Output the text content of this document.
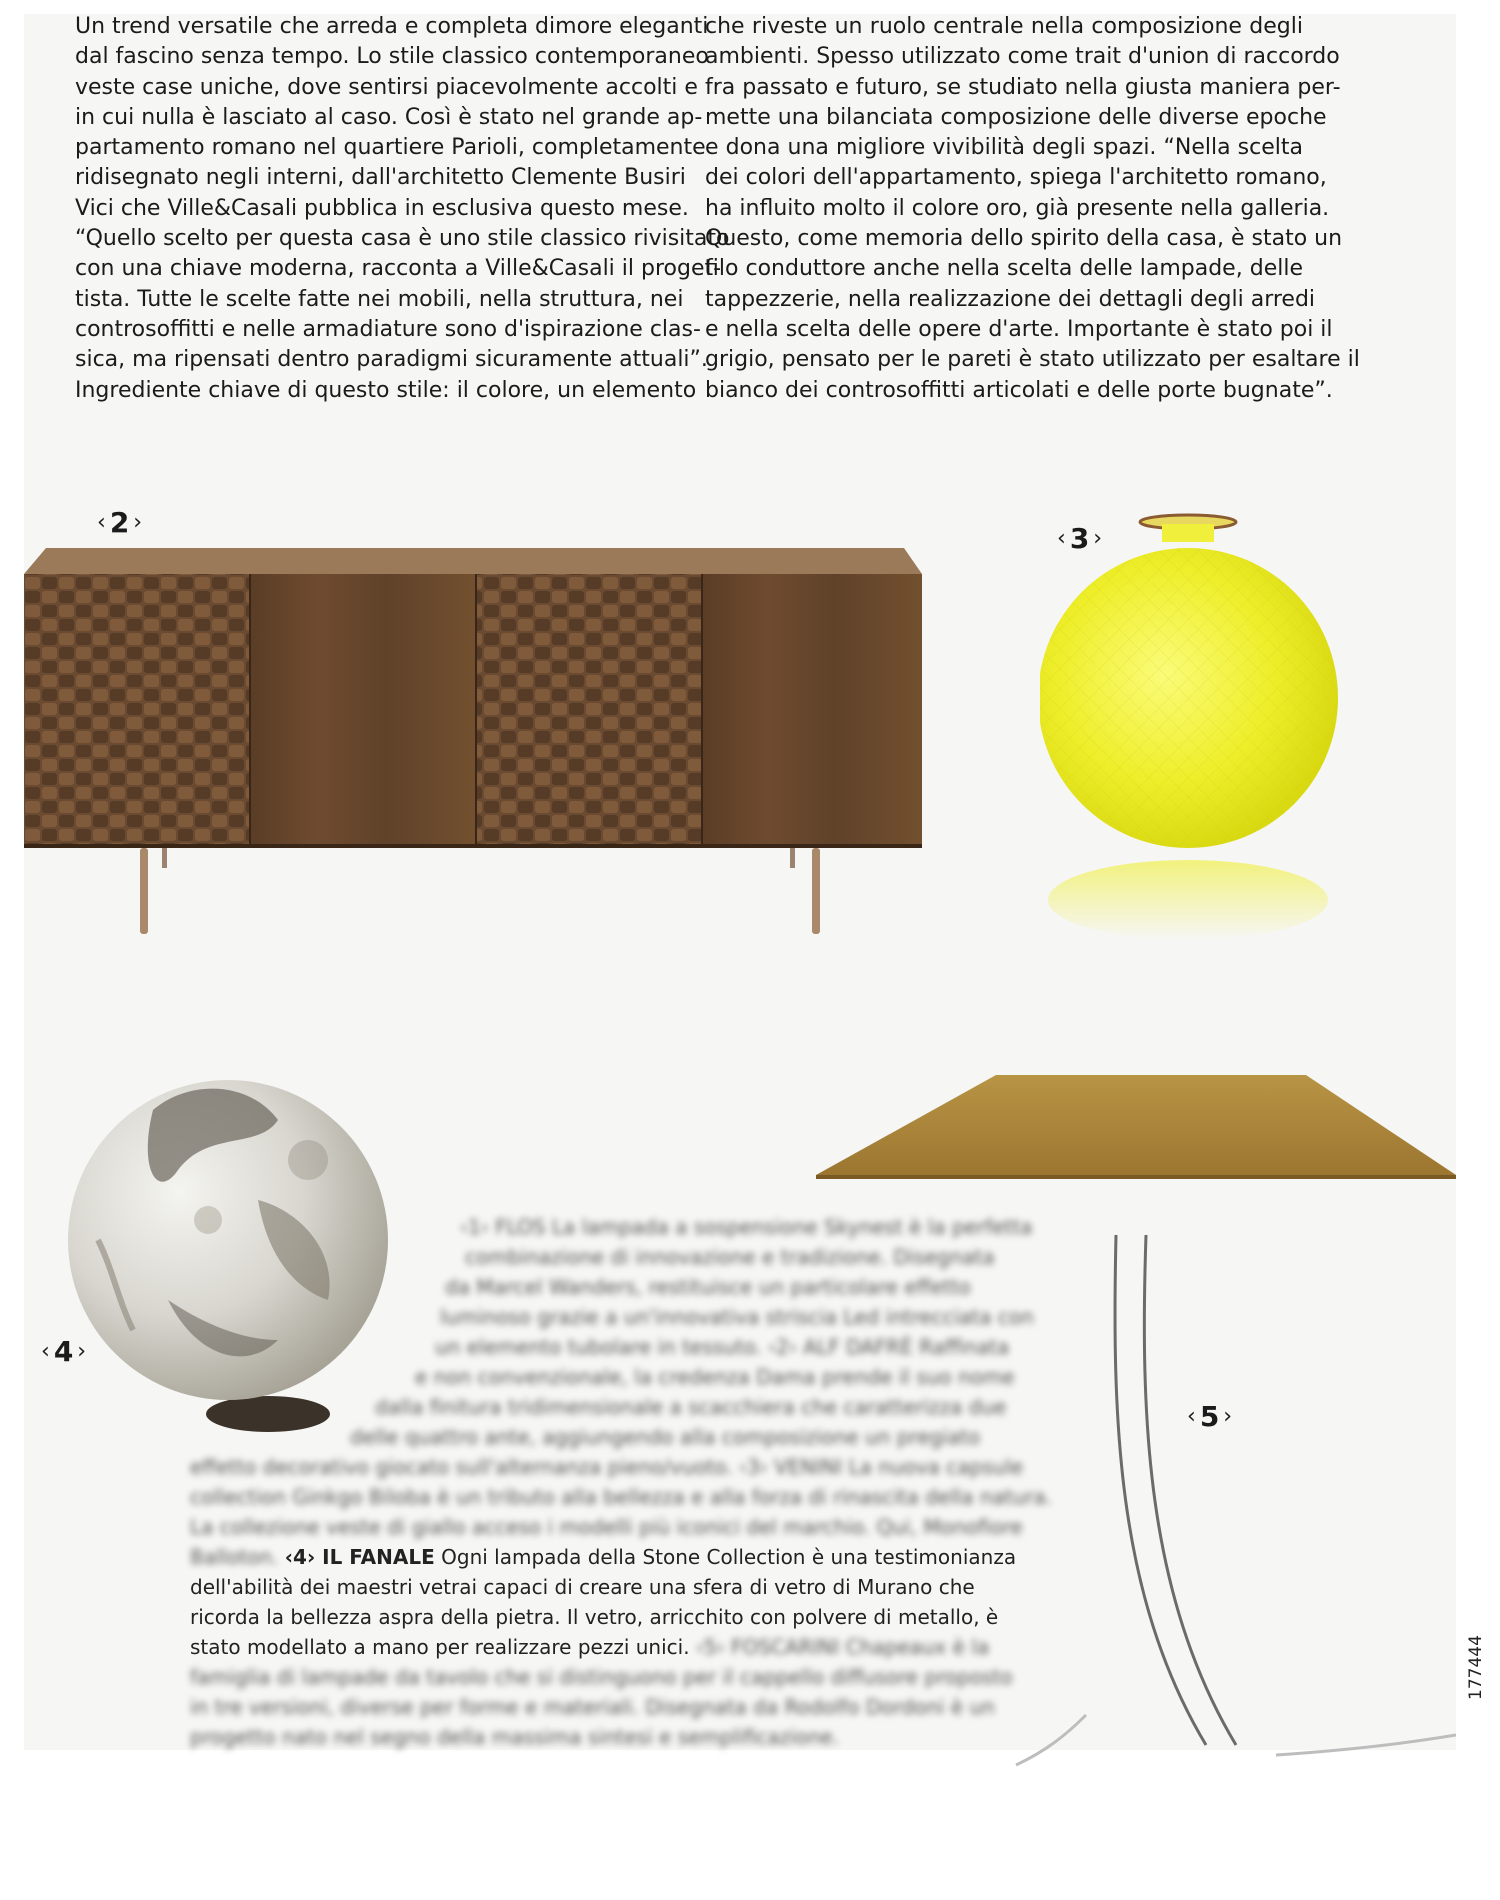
Un trend versatile che arreda e completa dimore eleganti
dal fascino senza tempo. Lo stile classico contemporaneo
veste case uniche, dove sentirsi piacevolmente accolti e
in cui nulla è lasciato al caso. Così è stato nel grande ap-
partamento romano nel quartiere Parioli, completamente
ridisegnato negli interni, dall'architetto Clemente Busiri
Vici che Ville&Casali pubblica in esclusiva questo mese.
“Quello scelto per questa casa è uno stile classico rivisitato
con una chiave moderna, racconta a Ville&Casali il proget-
tista. Tutte le scelte fatte nei mobili, nella struttura, nei
controsoffitti e nelle armadiature sono d'ispirazione clas-
sica, ma ripensati dentro paradigmi sicuramente attuali”.
Ingrediente chiave di questo stile: il colore, un elemento

che riveste un ruolo centrale nella composizione degli
ambienti. Spesso utilizzato come trait d'union di raccordo
fra passato e futuro, se studiato nella giusta maniera per-
mette una bilanciata composizione delle diverse epoche
e dona una migliore vivibilità degli spazi. “Nella scelta
dei colori dell'appartamento, spiega l'architetto romano,
ha influito molto il colore oro, già presente nella galleria.
Questo, come memoria dello spirito della casa, è stato un
filo conduttore anche nella scelta delle lampade, delle
tappezzerie, nella realizzazione dei dettagli degli arredi
e nella scelta delle opere d'arte. Importante è stato poi il
grigio, pensato per le pareti è stato utilizzato per esaltare il
bianco dei controsoffitti articolati e delle porte bugnate”.

‹ 2 ›
‹ 3 ›
‹ 4 ›
‹ 5 ›
‹1› FLOS La lampada a sospensione Skynest è la perfetta
combinazione di innovazione e tradizione. Disegnata
da Marcel Wanders, restituisce un particolare effetto
luminoso grazie a un'innovativa striscia Led intrecciata con
un elemento tubolare in tessuto. ‹2› ALF DAFRÈ Raffinata
e non convenzionale, la credenza Dama prende il suo nome
dalla finitura tridimensionale a scacchiera che caratterizza due
delle quattro ante, aggiungendo alla composizione un pregiato
effetto decorativo giocato sull'alternanza pieno/vuoto. ‹3› VENINI La nuova capsule
collection Ginkgo Biloba è un tributo alla bellezza e alla forza di rinascita della natura.
La collezione veste di giallo acceso i modelli più iconici del marchio. Qui, Monofiore
Balloton. ‹4› IL FANALE Ogni lampada della Stone Collection è una testimonianza
dell'abilità dei maestri vetrai capaci di creare una sfera di vetro di Murano che
ricorda la bellezza aspra della pietra. Il vetro, arricchito con polvere di metallo, è
stato modellato a mano per realizzare pezzi unici. ‹5› FOSCARINI Chapeaux è la
famiglia di lampade da tavolo che si distinguono per il cappello diffusore proposto
in tre versioni, diverse per forme e materiali. Disegnata da Rodolfo Dordoni è un
progetto nato nel segno della massima sintesi e semplificazione.
177444
